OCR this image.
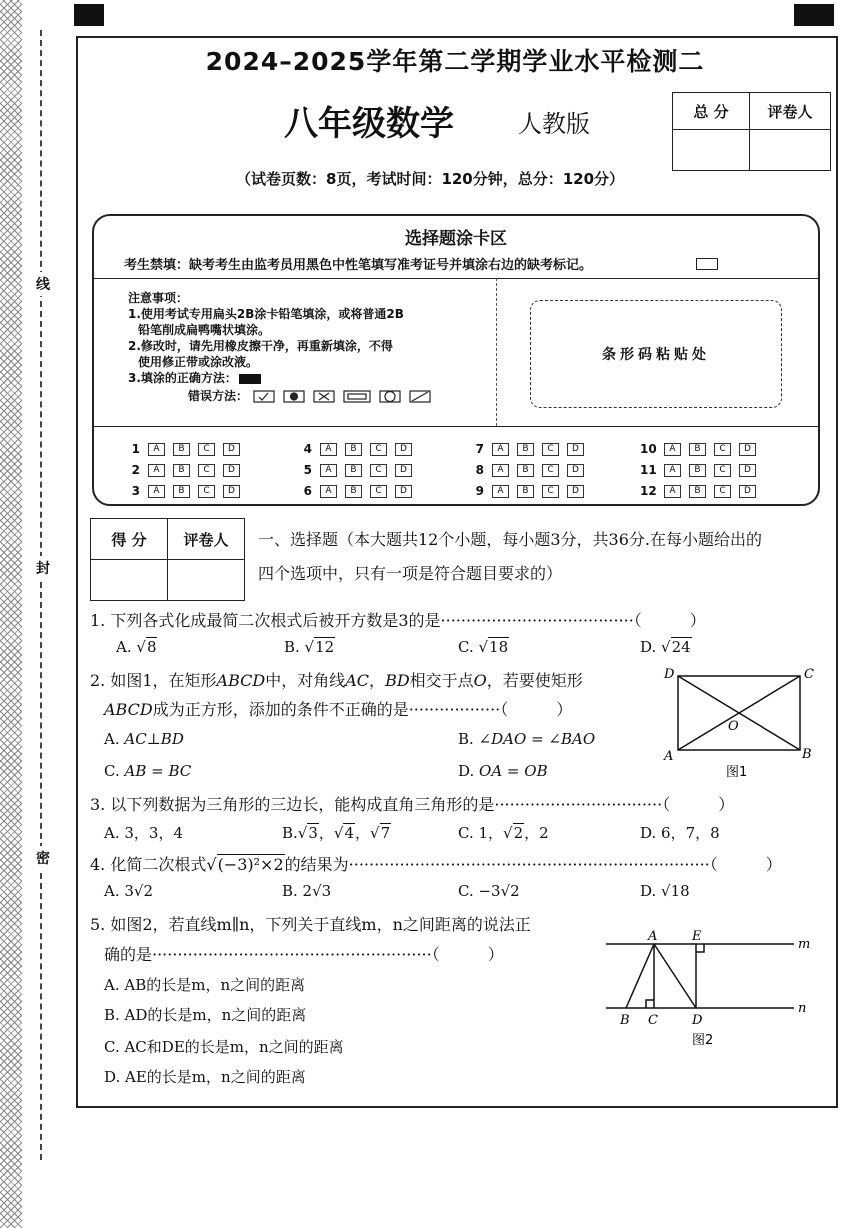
线
封
密
2024–2025学年第二学期学业水平检测二
八年级数学	人教版
（试卷页数：8页，考试时间：120分钟，总分：120分）
总 分	评卷人

选择题涂卡区
考生禁填：缺考考生由监考员用黑色中性笔填写准考证号并填涂右边的缺考标记。
注意事项：
1.使用考试专用扁头2B涂卡铅笔填涂，或将普通2B
铅笔削成扁鸭嘴状填涂。
2.修改时，请先用橡皮擦干净，再重新填涂，不得
使用修正带或涂改液。
3.填涂的正确方法：
错误方法：
条形码粘贴处
1	A	B	C	D
2	A	B	C	D
3	A	B	C	D
4	A	B	C	D
5	A	B	C	D
6	A	B	C	D
7	A	B	C	D
8	A	B	C	D
9	A	B	C	D
10	A	B	C	D
11	A	B	C	D
12	A	B	C	D
得 分	评卷人
	一、选择题（本大题共12个小题，每小题3分，共36分.在每小题给出的
四个选项中，只有一项是符合题目要求的）
1. 下列各式化成最简二次根式后被开方数是3的是······································（　　　）
A. √8	B. √12	C. √18	D. √24
2. 如图1，在矩形ABCD中，对角线AC，BD相交于点O，若要使矩形
ABCD成为正方形，添加的条件不正确的是··················（　　　）
A. AC⊥BD	B. ∠DAO = ∠BAO
C. AB = BC	D. OA = OB
D	C
A	B
O
图1
3. 以下列数据为三角形的三边长，能构成直角三角形的是·································（　　　）
A. 3，3，4	B.√3，√4，√7	C. 1，√2，2	D. 6，7，8
4. 化简二次根式√(−3)²×2的结果为·······································································（　　　）
A. 3√2	B. 2√3	C. −3√2	D. √18
5. 如图2，若直线m∥n，下列关于直线m，n之间距离的说法正
确的是·······················································（　　　）
A. AB的长是m，n之间的距离
B. AD的长是m，n之间的距离
C. AC和DE的长是m，n之间的距离
D. AE的长是m，n之间的距离
A	E
m
n
B C	D
图2
